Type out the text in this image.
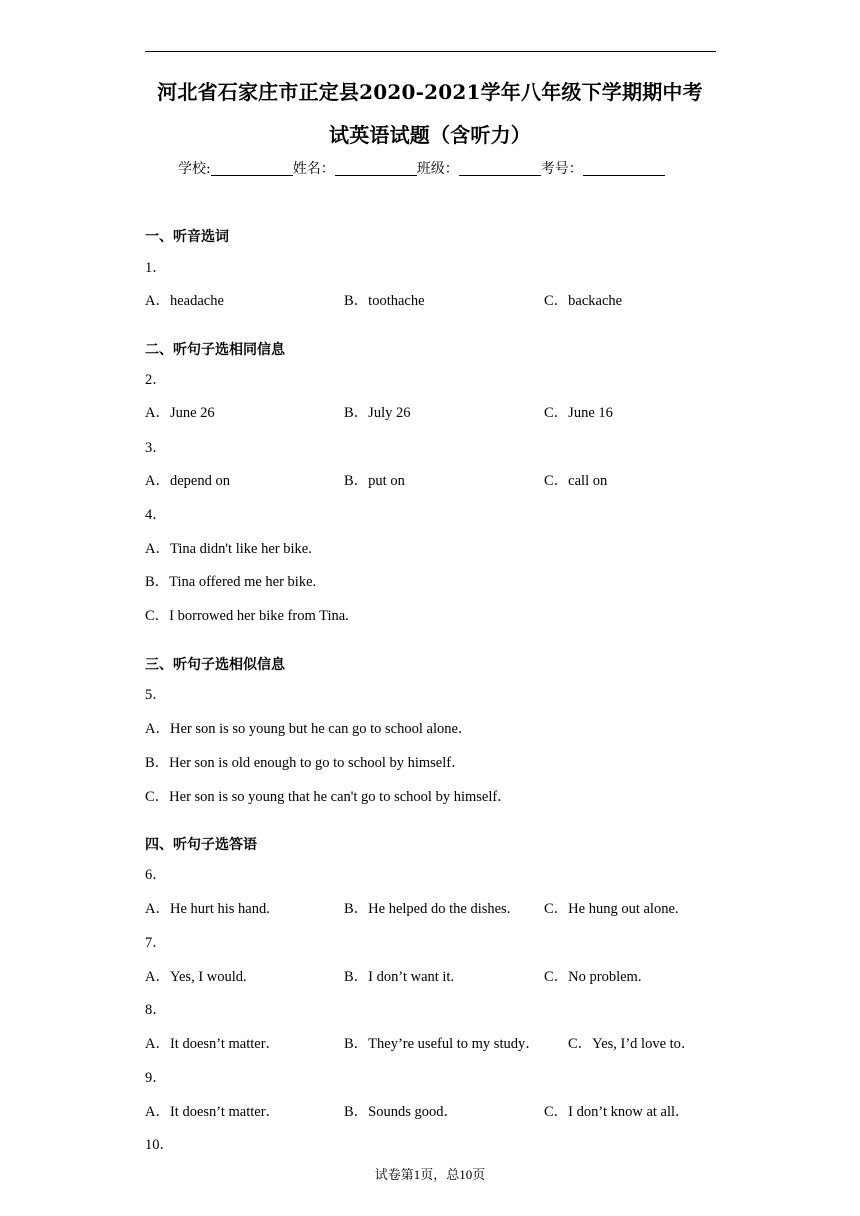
河北省石家庄市正定县2020-2021学年八年级下学期期中考
试英语试题（含听力）
学校:	姓名：	班级：	考号：
一、听音选词
1．
A．headache	B．toothache	C．backache
二、听句子选相同信息
2．
A．June 26	B．July 26	C．June 16
3．
A．depend on	B．put on	C．call on
4．
A．Tina didn't like her bike.
B．Tina offered me her bike.
C．I borrowed her bike from Tina.
三、听句子选相似信息
5．
A．Her son is so young but he can go to school alone．
B．Her son is old enough to go to school by himself．
C．Her son is so young that he can't go to school by himself．
四、听句子选答语
6．
A．He hurt his hand.	B．He helped do the dishes. C．He hung out alone.
7．
A．Yes, I would.	B．I don’t want it.	C．No problem.
8．
A．It doesn’t matter．	B．They’re useful to my study． C．Yes, I’d love to．
9．
A．It doesn’t matter．	B．Sounds good．	C．I don’t know at all．
10．
试卷第1页，总10页
